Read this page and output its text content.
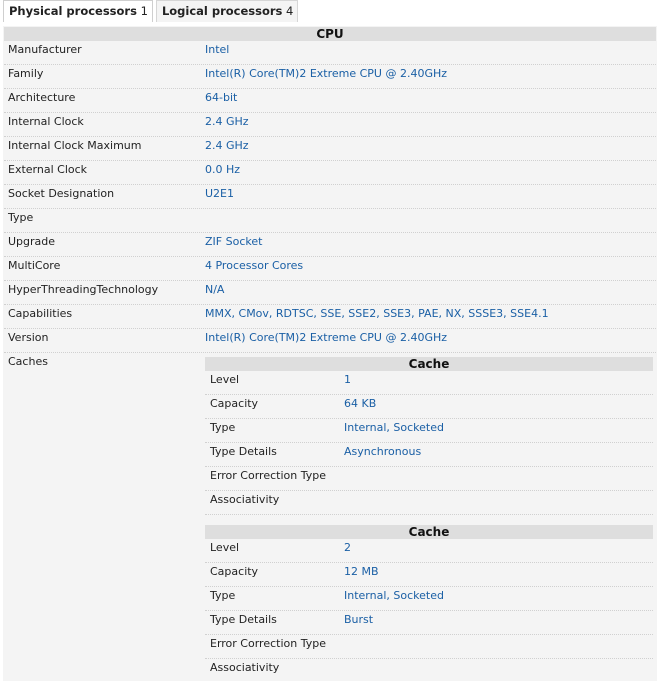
Physical processors 1	Logical processors 4
CPU
Manufacturer	Intel
Family	Intel(R) Core(TM)2 Extreme CPU @ 2.40GHz
Architecture	64-bit
Internal Clock	2.4 GHz
Internal Clock Maximum	2.4 GHz
External Clock	0.0 Hz
Socket Designation	U2E1
Type
Upgrade	ZIF Socket
MultiCore	4 Processor Cores
HyperThreadingTechnology	N/A
Capabilities	MMX, CMov, RDTSC, SSE, SSE2, SSE3, PAE, NX, SSSE3, SSE4.1
Version	Intel(R) Core(TM)2 Extreme CPU @ 2.40GHz
Caches	Cache
Level	1
Capacity	64 KB
Type	Internal, Socketed
Type Details	Asynchronous
Error Correction Type
Associativity
Cache
Level	2
Capacity	12 MB
Type	Internal, Socketed
Type Details	Burst
Error Correction Type
Associativity
